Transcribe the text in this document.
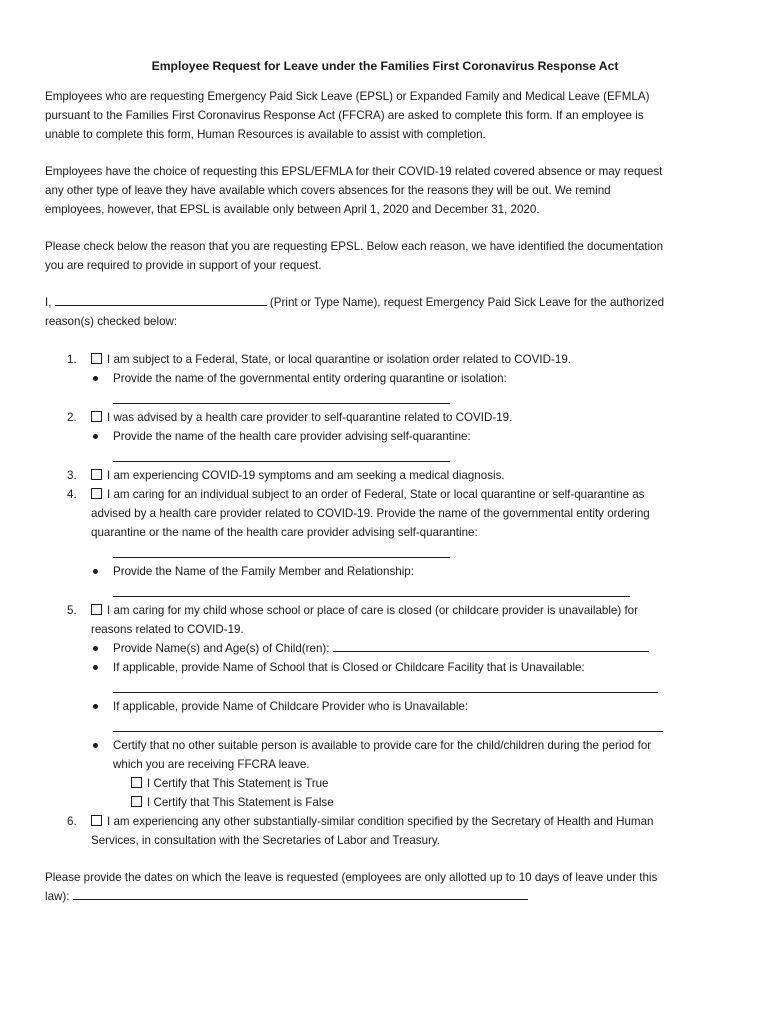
Employee Request for Leave under the Families First Coronavirus Response Act

Employees who are requesting Emergency Paid Sick Leave (EPSL) or Expanded Family and Medical Leave (EFMLA)
pursuant to the Families First Coronavirus Response Act (FFCRA) are asked to complete this form. If an employee is
unable to complete this form, Human Resources is available to assist with completion.

Employees have the choice of requesting this EPSL/EFMLA for their COVID-19 related covered absence or may request
any other type of leave they have available which covers absences for the reasons they will be out. We remind
employees, however, that EPSL is available only between April 1, 2020 and December 31, 2020.

Please check below the reason that you are requesting EPSL. Below each reason, we have identified the documentation
you are required to provide in support of your request.

I,	(Print or Type Name), request Emergency Paid Sick Leave for the authorized
reason(s) checked below:
1.	I am subject to a Federal, State, or local quarantine or isolation order related to COVID-19.
Provide the name of the governmental entity ordering quarantine or isolation:
2.	I was advised by a health care provider to self-quarantine related to COVID-19.
Provide the name of the health care provider advising self-quarantine:
3.	I am experiencing COVID-19 symptoms and am seeking a medical diagnosis.
4.	I am caring for an individual subject to an order of Federal, State or local quarantine or self-quarantine as
advised by a health care provider related to COVID-19. Provide the name of the governmental entity ordering
quarantine or the name of the health care provider advising self-quarantine:
Provide the Name of the Family Member and Relationship:
5.	I am caring for my child whose school or place of care is closed (or childcare provider is unavailable) for
reasons related to COVID-19.
Provide Name(s) and Age(s) of Child(ren):
If applicable, provide Name of School that is Closed or Childcare Facility that is Unavailable:
If applicable, provide Name of Childcare Provider who is Unavailable:
Certify that no other suitable person is available to provide care for the child/children during the period for
which you are receiving FFCRA leave.
I Certify that This Statement is True
I Certify that This Statement is False
6.	I am experiencing any other substantially-similar condition specified by the Secretary of Health and Human
Services, in consultation with the Secretaries of Labor and Treasury.
Please provide the dates on which the leave is requested (employees are only allotted up to 10 days of leave under this
law):
